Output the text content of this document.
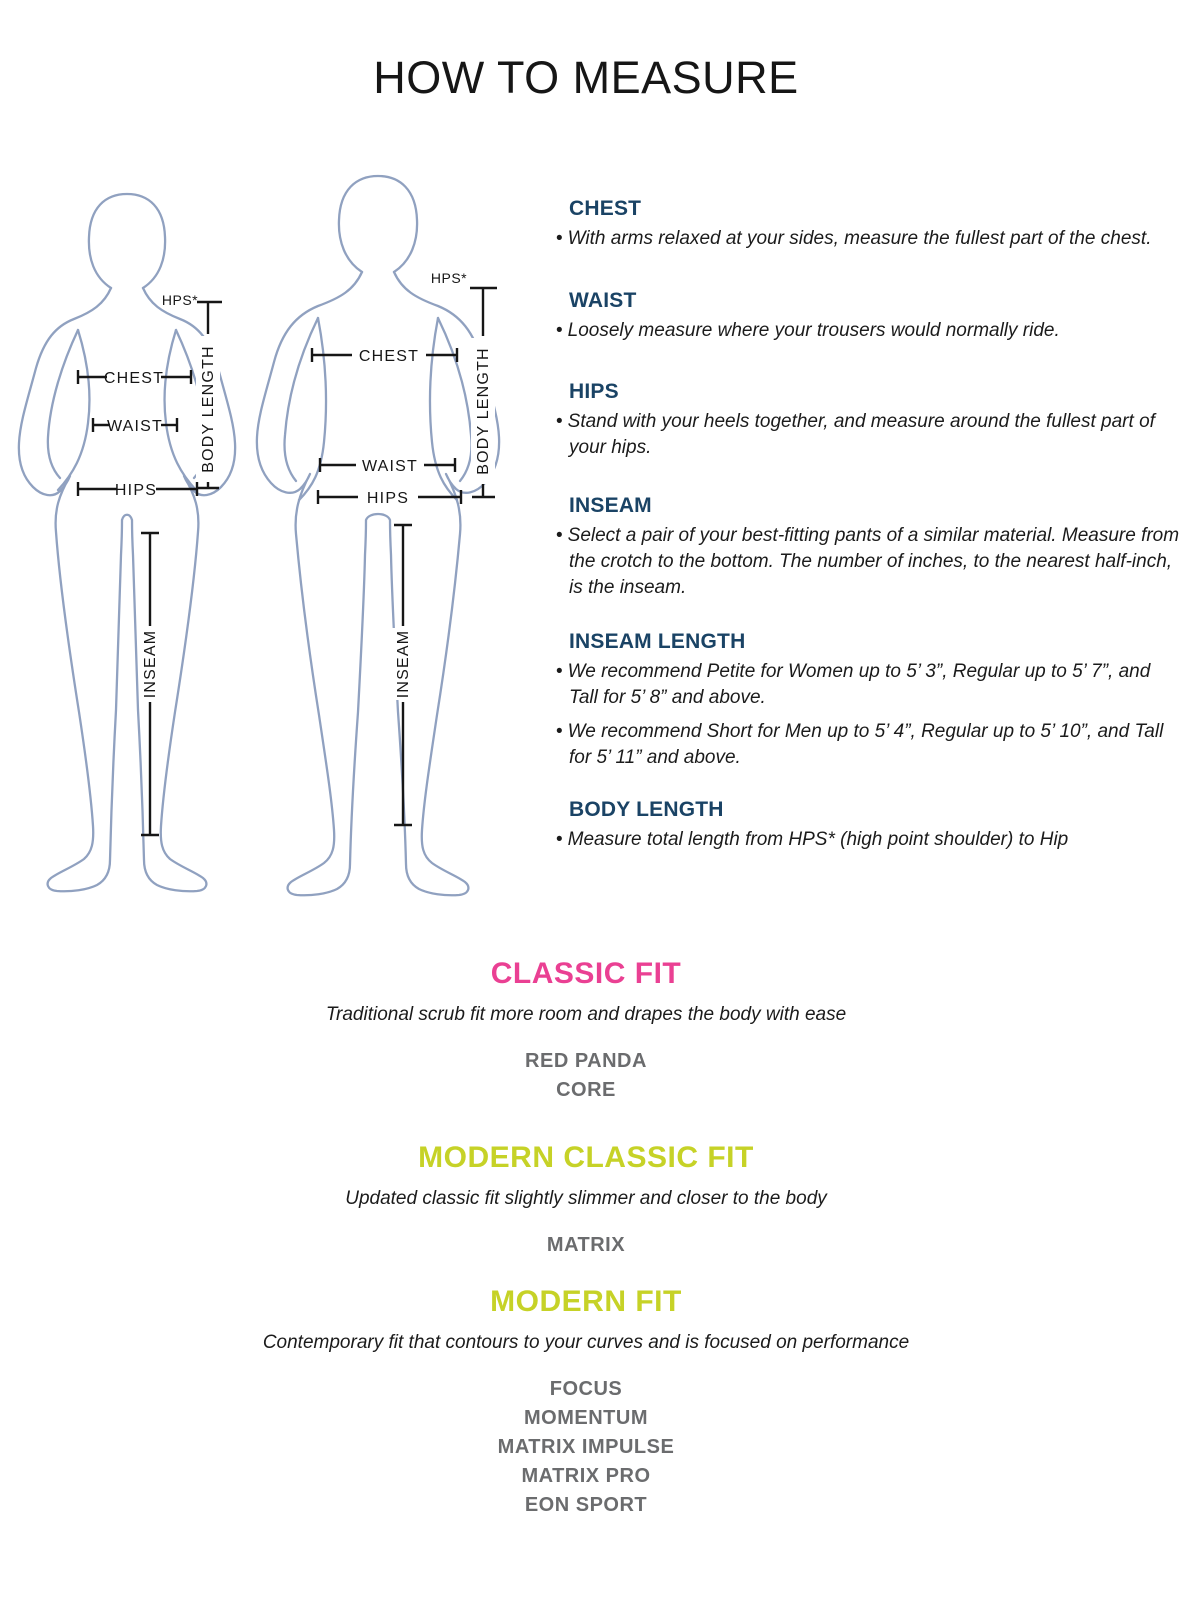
HOW TO MEASURE
HPS*
BODY LENGTH
CHEST
WAIST
HIPS
INSEAM
HPS*
BODY LENGTH
CHEST
WAIST
HIPS
INSEAM
CHEST

• With arms relaxed at your sides, measure the fullest part of the chest.

WAIST

• Loosely measure where your trousers would normally ride.

HIPS

• Stand with your heels together, and measure around the fullest part of your hips.

INSEAM

• Select a pair of your best-fitting pants of a similar material. Measure from the crotch to the bottom. The number of inches, to the nearest half-inch, is the inseam.

INSEAM LENGTH

• We recommend Petite for Women up to 5’ 3”, Regular up to 5’ 7”, and Tall for 5’ 8” and above.

• We recommend Short for Men up to 5’ 4”, Regular up to 5’ 10”, and Tall for 5’ 11” and above.

BODY LENGTH

• Measure total length from HPS* (high point shoulder) to Hip

CLASSIC FIT

Traditional scrub fit more room and drapes the body with ease

RED PANDA
CORE
MODERN CLASSIC FIT

Updated classic fit slightly slimmer and closer to the body

MATRIX
MODERN FIT

Contemporary fit that contours to your curves and is focused on performance

FOCUS
MOMENTUM
MATRIX IMPULSE
MATRIX PRO
EON SPORT
